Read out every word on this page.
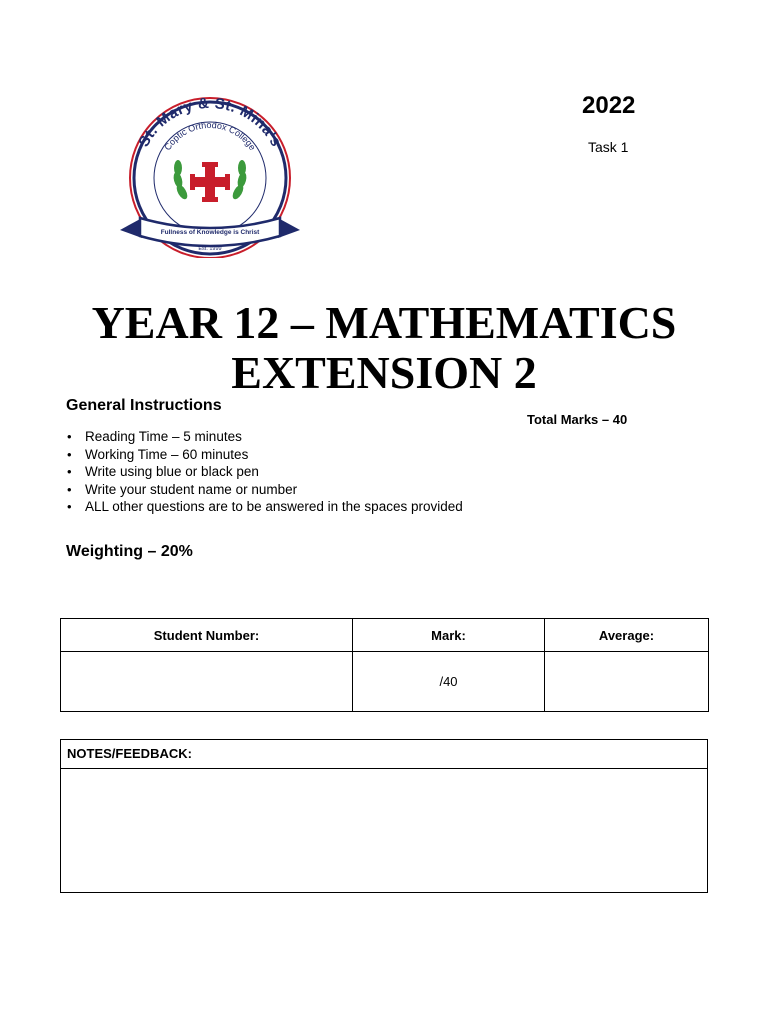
St. Mary & St. Mina's
Coptic Orthodox College
Fullness of Knowledge is Christ
Est. 1999
2022
Task 1
YEAR 12 – MATHEMATICS
EXTENSION 2
General Instructions
Total Marks – 40
• Reading Time – 5 minutes
• Working Time – 60 minutes
• Write using blue or black pen
• Write your student name or number
• ALL other questions are to be answered in the spaces provided
Weighting – 20%
Student Number:	Mark:	Average:
	/40	
NOTES/FEEDBACK:
